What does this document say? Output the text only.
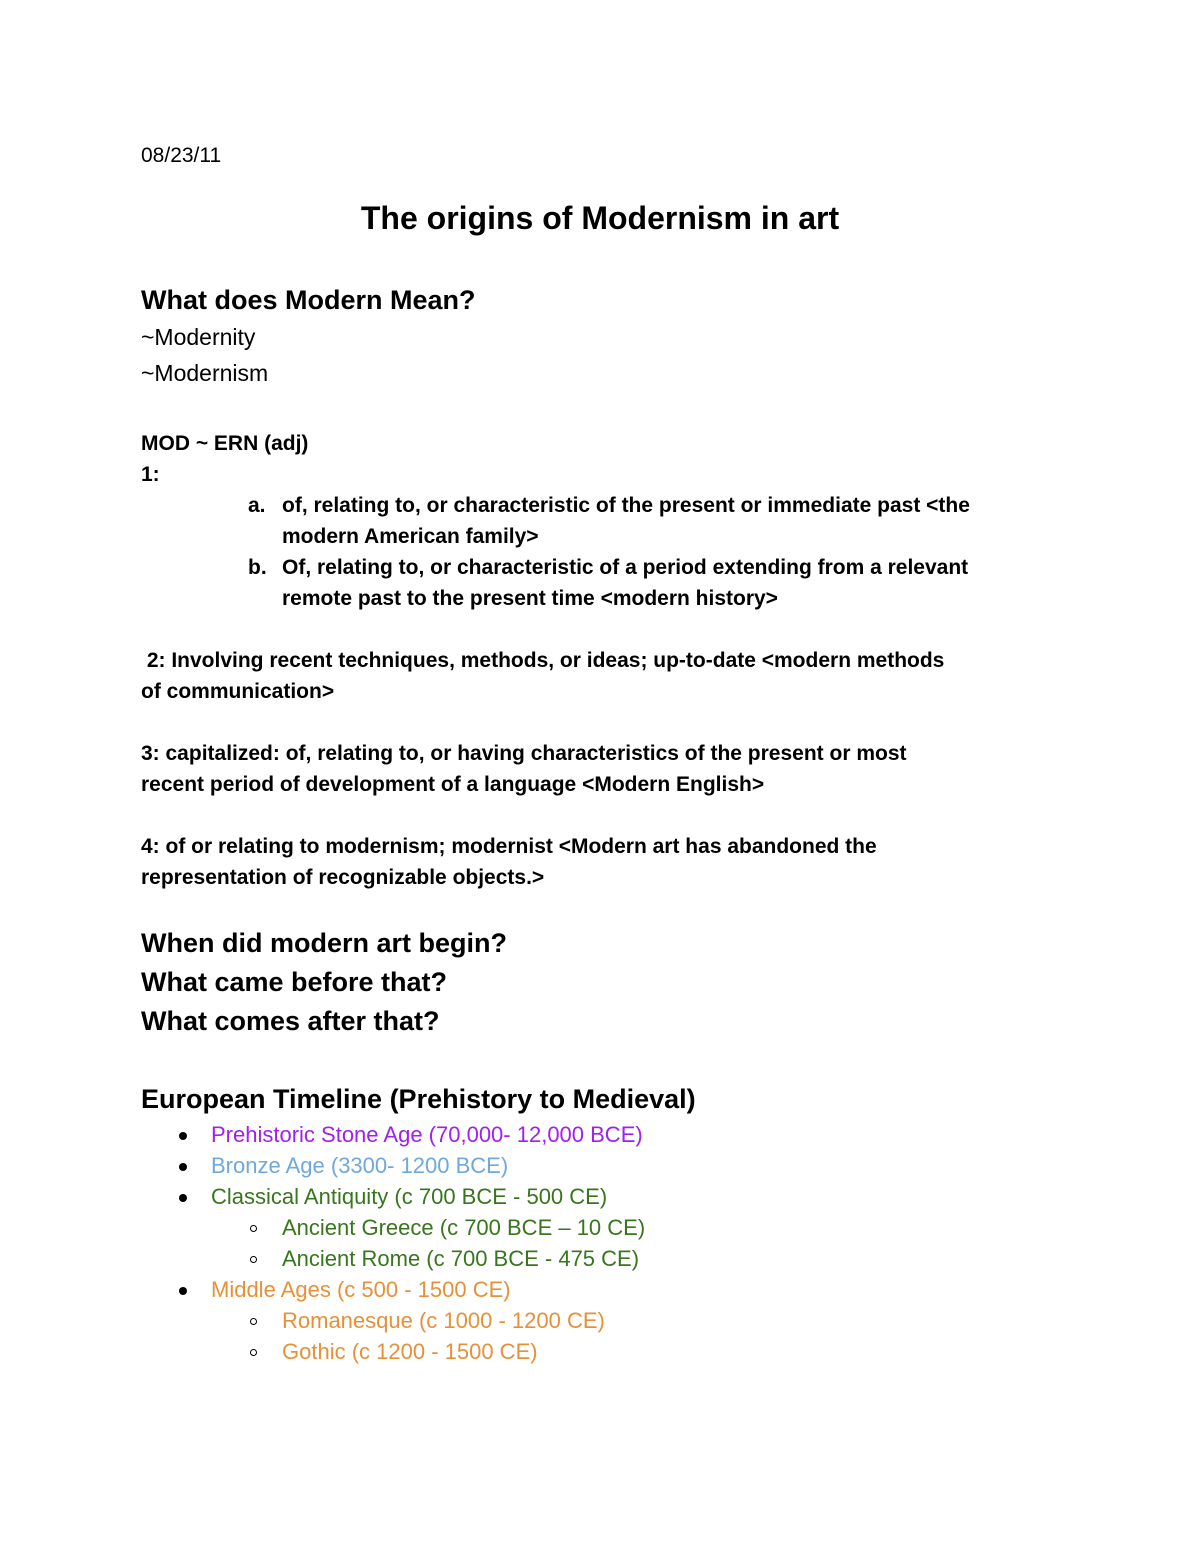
08/23/11
The origins of Modernism in art
What does Modern Mean?
~Modernity
~Modernism
MOD ~ ERN (adj)
1:
a. of, relating to, or characteristic of the present or immediate past <the
modern American family>
b. Of, relating to, or characteristic of a period extending from a relevant
remote past to the present time <modern history>
2: Involving recent techniques, methods, or ideas; up-to-date <modern methods
of communication>
3: capitalized: of, relating to, or having characteristics of the present or most
recent period of development of a language <Modern English>
4: of or relating to modernism; modernist <Modern art has abandoned the
representation of recognizable objects.>
When did modern art begin?
What came before that?
What comes after that?
European Timeline (Prehistory to Medieval)
Prehistoric Stone Age (70,000- 12,000 BCE)
Bronze Age (3300- 1200 BCE)
Classical Antiquity (c 700 BCE - 500 CE)
Ancient Greece (c 700 BCE – 10 CE)
Ancient Rome (c 700 BCE - 475 CE)
Middle Ages (c 500 - 1500 CE)
Romanesque (c 1000 - 1200 CE)
Gothic (c 1200 - 1500 CE)
